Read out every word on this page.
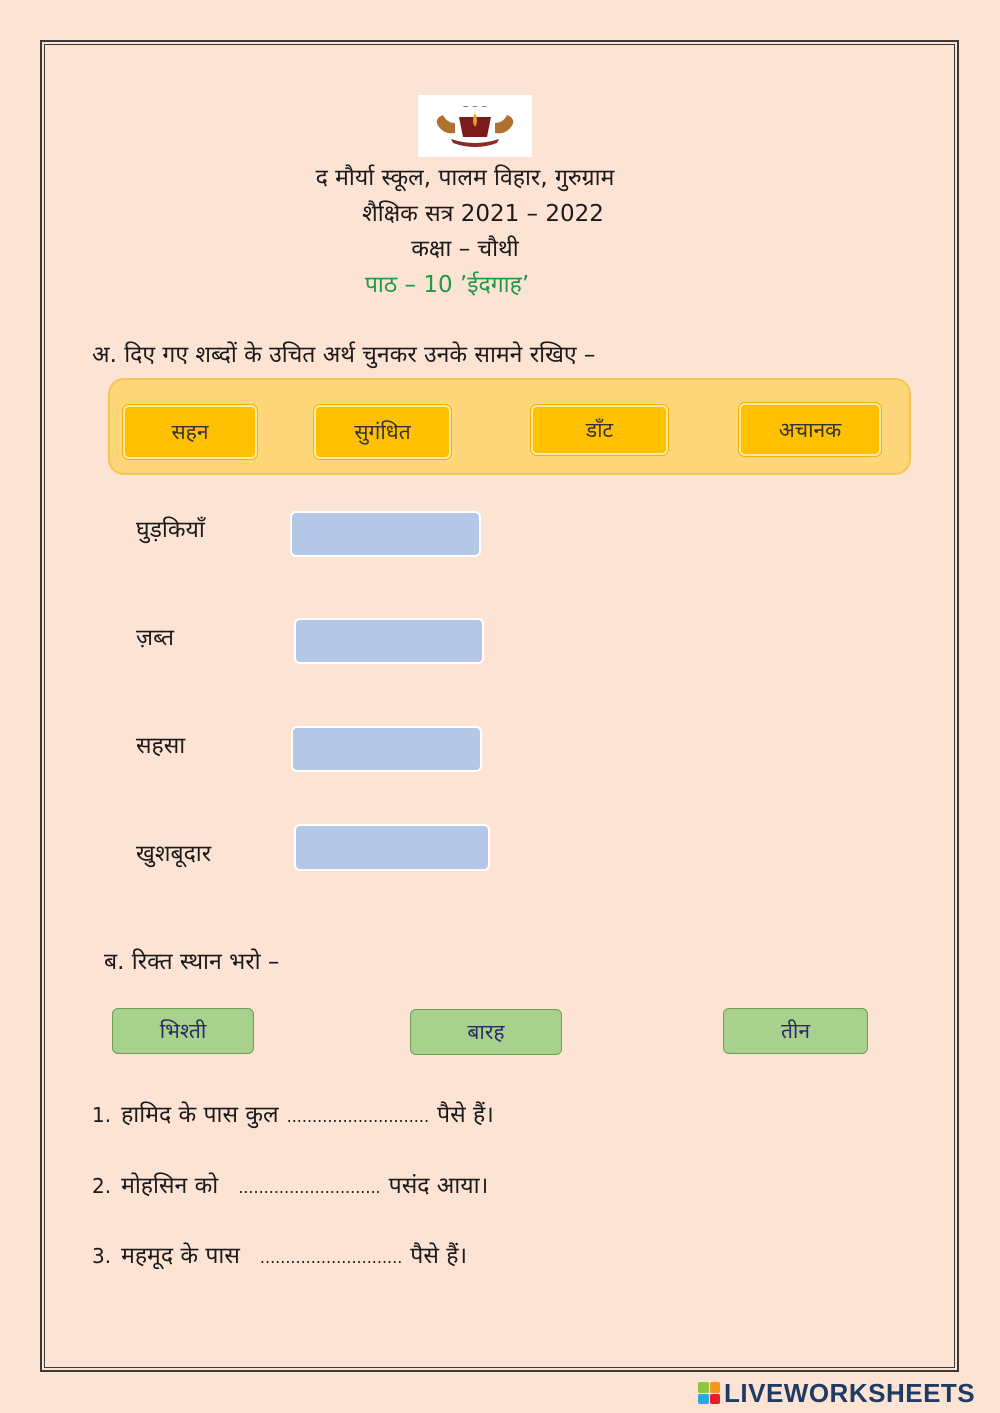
~ ~ ~
द मौर्या स्कूल, पालम विहार, गुरुग्राम
शैक्षिक सत्र 2021 – 2022
कक्षा – चौथी
पाठ – 10 ’ईदगाह’
अ. दिए गए शब्दों के उचित अर्थ चुनकर उनके सामने रखिए –
सहन	सुगंधित	डाँट	अचानक
घुड़कियाँ
ज़ब्त
सहसा
खुशबूदार
ब. रिक्त स्थान भरो –
भिश्ती	बारह	तीन
1. हामिद के पास कुल ............................ पैसे हैं।
2. मोहसिन को ............................ पसंद आया।
3. महमूद के पास ............................ पैसे हैं।
LIVEWORKSHEETS
